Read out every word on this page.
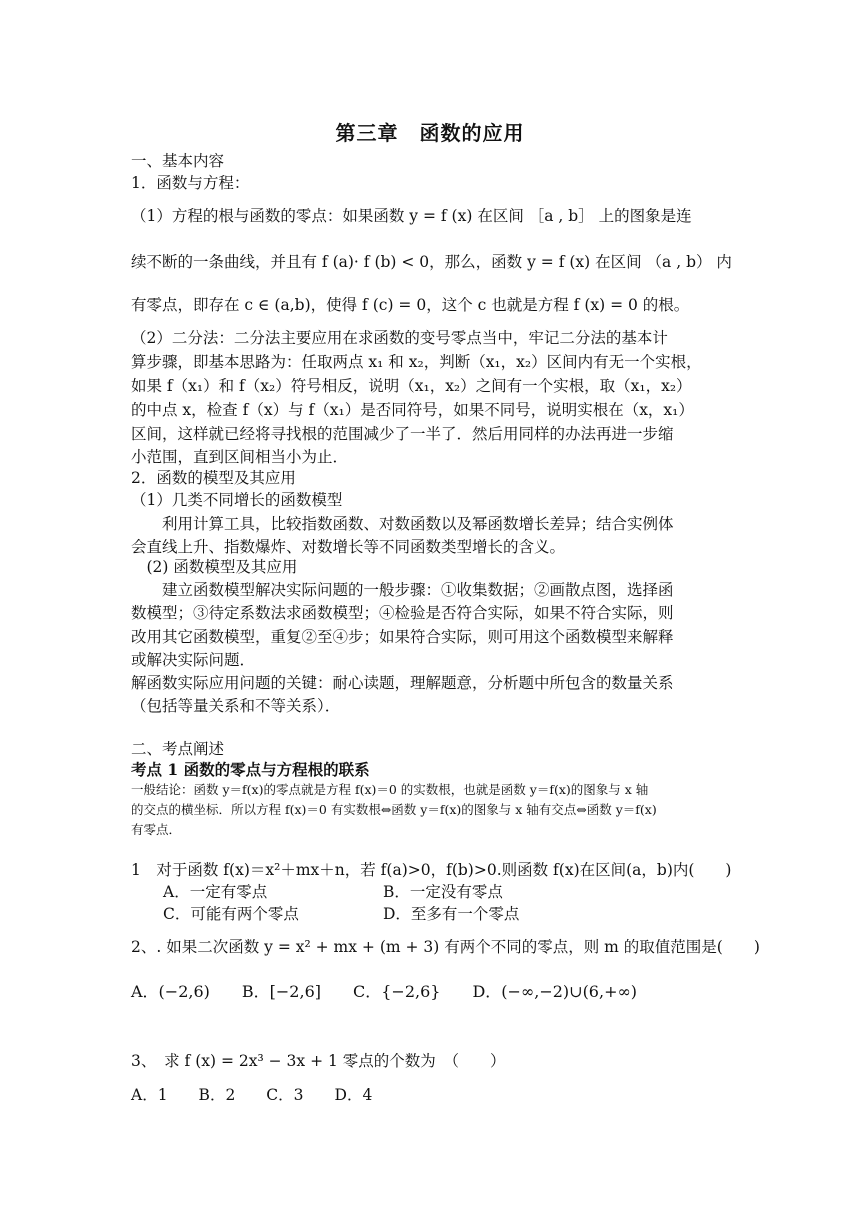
第三章　函数的应用
一、基本内容
1．函数与方程：
（1）方程的根与函数的零点：如果函数 y = f (x) 在区间 ［a , b］ 上的图象是连
续不断的一条曲线，并且有 f (a)· f (b) < 0，那么，函数 y = f (x) 在区间 （a , b） 内
有零点，即存在 c ∈ (a,b)，使得 f (c) = 0，这个 c 也就是方程 f (x) = 0 的根。
（2）二分法：二分法主要应用在求函数的变号零点当中，牢记二分法的基本计
算步骤，即基本思路为：任取两点 x₁ 和 x₂，判断（x₁，x₂）区间内有无一个实根，
如果 f（x₁）和 f（x₂）符号相反，说明（x₁，x₂）之间有一个实根，取（x₁，x₂）
的中点 x，检查 f（x）与 f（x₁）是否同符号，如果不同号，说明实根在（x，x₁）
区间，这样就已经将寻找根的范围减少了一半了．然后用同样的办法再进一步缩
小范围，直到区间相当小为止．
2．函数的模型及其应用
（1）几类不同增长的函数模型
　　利用计算工具，比较指数函数、对数函数以及幂函数增长差异；结合实例体
会直线上升、指数爆炸、对数增长等不同函数类型增长的含义。
　(2) 函数模型及其应用
　　建立函数模型解决实际问题的一般步骤：①收集数据；②画散点图，选择函
数模型；③待定系数法求函数模型；④检验是否符合实际，如果不符合实际，则
改用其它函数模型，重复②至④步；如果符合实际，则可用这个函数模型来解释
或解决实际问题．
解函数实际应用问题的关键：耐心读题，理解题意，分析题中所包含的数量关系
（包括等量关系和不等关系）．
二、考点阐述
考点 1 函数的零点与方程根的联系
一般结论：函数 y＝f(x)的零点就是方程 f(x)＝0 的实数根，也就是函数 y＝f(x)的图象与 x 轴
的交点的横坐标．所以方程 f(x)＝0 有实数根⇔函数 y＝f(x)的图象与 x 轴有交点⇔函数 y＝f(x)
有零点．
1　对于函数 f(x)＝x²＋mx＋n，若 f(a)>0，f(b)>0.则函数 f(x)在区间(a，b)内(　　)
A．一定有零点	B．一定没有零点
C．可能有两个零点	D．至多有一个零点
2、. 如果二次函数 y = x² + mx + (m + 3) 有两个不同的零点，则 m 的取值范围是(　　)
A．(−2,6)　　B．[−2,6]　　C．{−2,6}　　D．(−∞,−2)∪(6,+∞)
3、　求 f (x) = 2x³ − 3x + 1 零点的个数为　（　　）
A．1　　B．2　　C．3　　D．4
